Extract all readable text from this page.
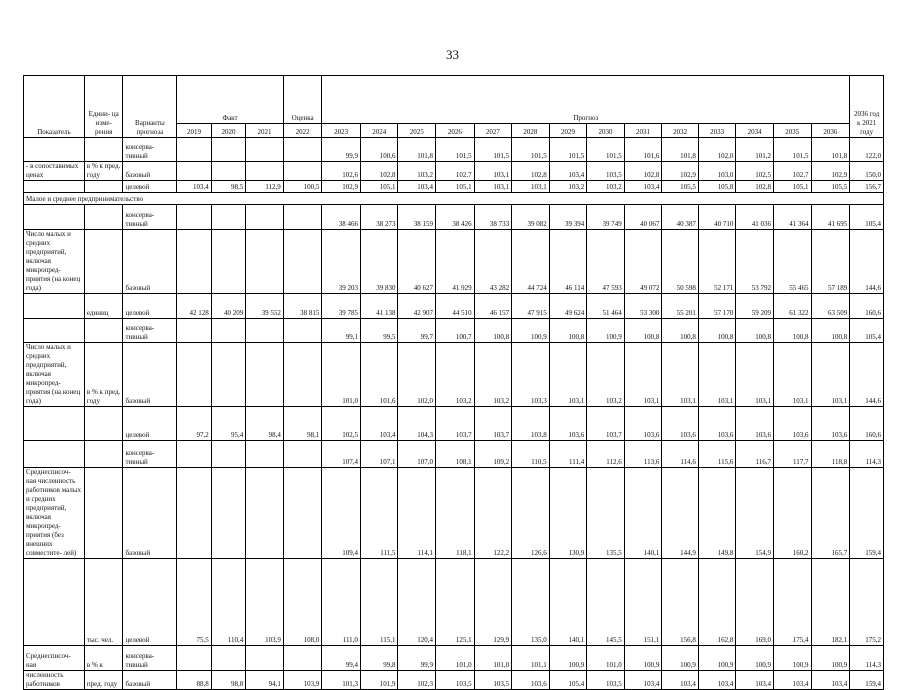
33
Показатель	Едини- ца изме- рения	Варианты прогноза	Факт			Оценка	Прогноз														2036 год к 2021 году
			2019	2020	2021	2022	2023	2024	2025	2026	2027	2028	2029	2030	2031	2032	2033	2034	2035	2036	
		консерва- тивный					99,9	100,6	101,8	101,5	101,5	101,5	101,5	101,5	101,6	101,8	102,0	101,2	101,5	101,8	122,0
- в сопоставимых ценах	в % к пред. году	базовый					102,6	102,8	103,2	102,7	103,1	102,8	103,4	103,5	102,8	102,9	103,0	102,5	102,7	102,9	150,0
		целевой	103,4	98,5	112,9	100,5	102,9	105,1	103,4	105,1	103,1	103,1	103,2	103,2	103,4	105,5	105,8	102,8	105,1	105,5	156,7
Малое и среднее предпринимательство																					
		консерва- тивный					38 466	38 273	38 159	38 426	38 733	39 082	39 394	39 749	40 067	40 387	40 710	41 036	41 364	41 695	105,4
Число малых и средних предприятий, включая микропред- приятия (на конец года)		базовый					39 203	39 830	40 627	41 929	43 282	44 724	46 114	47 593	49 072	50 598	52 171	53 792	55 465	57 189	144,6
	единиц	целевой	42 128	40 209	39 552	38 815	39 785	41 138	42 907	44 510	46 157	47 915	49 624	51 464	53 300	55 201	57 170	59 209	61 322	63 509	160,6
		консерва- тивный					99,1	99,5	99,7	100,7	100,8	100,9	100,8	100,9	100,8	100,8	100,8	100,8	100,8	100,8	105,4
Число малых и средних предприятий, включая микропред- приятия (на конец года)	в % к пред. году	базовый					101,0	101,6	102,0	103,2	103,2	103,3	103,1	103,2	103,1	103,1	103,1	103,1	103,1	103,1	144,6
		целевой	97,2	95,4	98,4	98,1	102,5	103,4	104,3	103,7	103,7	103,8	103,6	103,7	103,6	103,6	103,6	103,6	103,6	103,6	160,6
		консерва- тивный					107,4	107,1	107,0	108,1	109,2	110,5	111,4	112,6	113,6	114,6	115,6	116,7	117,7	118,8	114,3
Среднесписоч- ная численность работников малых и средних предприятий, включая микропред- приятия (без внешних совместите- лей)		базовый					109,4	111,5	114,1	118,1	122,2	126,6	130,9	135,5	140,1	144,9	149,8	154,9	160,2	165,7	159,4
	тыс. чел.	целевой	75,5	110,4	103,9	108,0	111,0	115,1	120,4	125,1	129,9	135,0	140,1	145,5	151,1	156,8	162,8	169,0	175,4	182,1	175,2
Среднесписоч- ная	в % к	консерва- тивный					99,4	99,8	99,9	101,0	101,0	101,1	100,9	101,0	100,9	100,9	100,9	100,9	100,9	100,9	114,3
численность работников	пред. году	базовый	88,8	98,8	94,1	103,9	101,3	101,9	102,3	103,5	103,5	103,6	105,4	103,5	103,4	103,4	103,4	103,4	103,4	103,4	159,4
